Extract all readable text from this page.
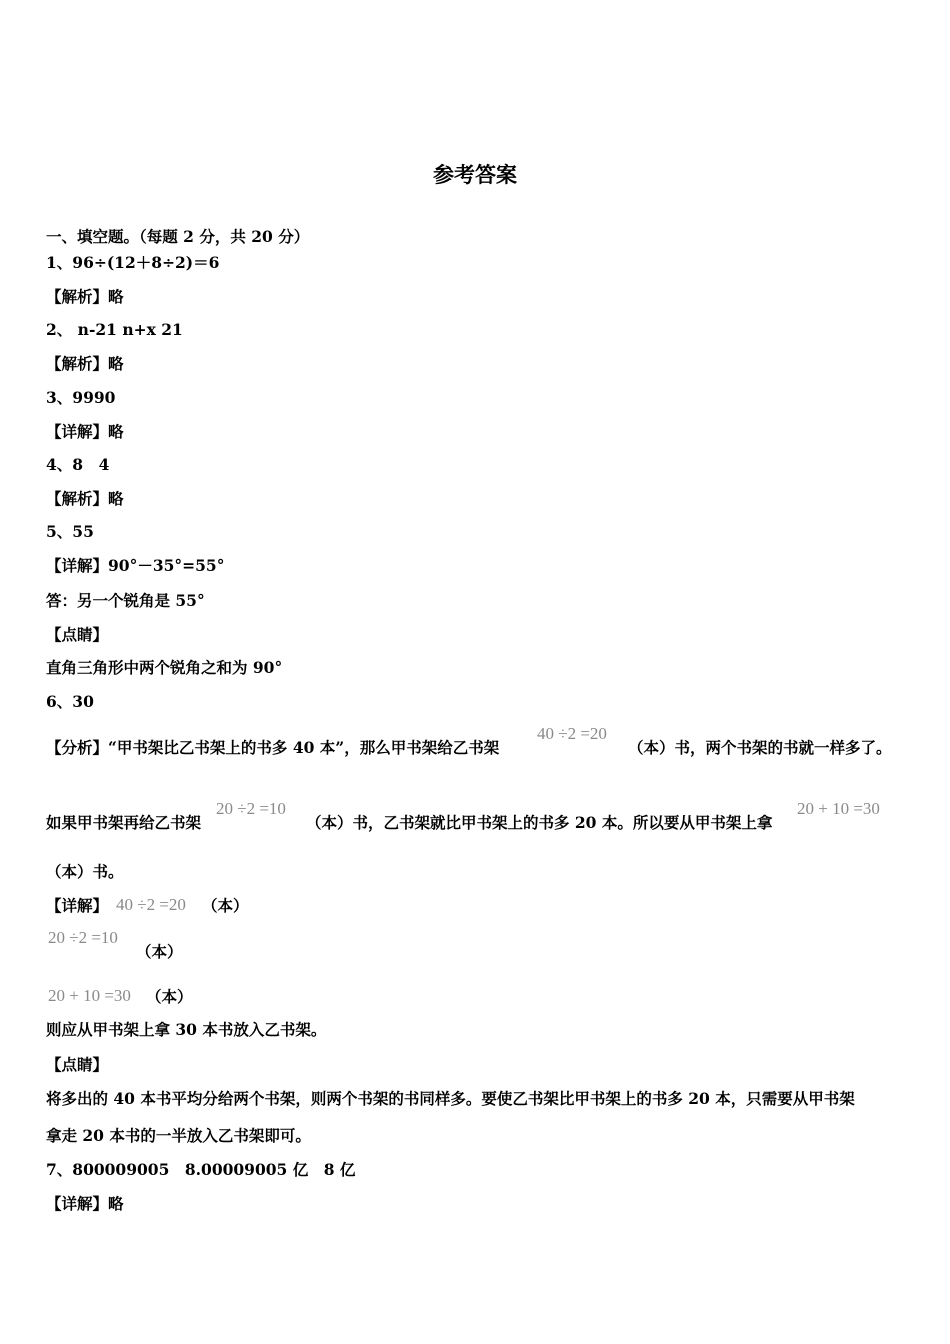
参考答案
一、填空题。（每题 2 分，共 20 分）
1、96÷(12＋8÷2)＝6
【解析】略
2、 n-21 n+x 21
【解析】略
3、9990
【详解】略
4、8　4
【解析】略
5、55
【详解】90°－35°=55°
答：另一个锐角是 55°
【点睛】
直角三角形中两个锐角之和为 90°
6、30
【分析】“甲书架比乙书架上的书多 40 本”，那么甲书架给乙书架
40 ÷2 =20
（本）书，两个书架的书就一样多了。
如果甲书架再给乙书架
20 ÷2 =10
（本）书，乙书架就比甲书架上的书多 20 本。所以要从甲书架上拿
20 + 10 =30
（本）书。
【详解】 40 ÷2 =20 （本）
20 ÷2 =10
（本）
20 + 10 =30 （本）
则应从甲书架上拿 30 本书放入乙书架。
【点睛】
将多出的 40 本书平均分给两个书架，则两个书架的书同样多。要使乙书架比甲书架上的书多 20 本，只需要从甲书架
拿走 20 本书的一半放入乙书架即可。
7、800009005　8.00009005 亿　8 亿
【详解】略
